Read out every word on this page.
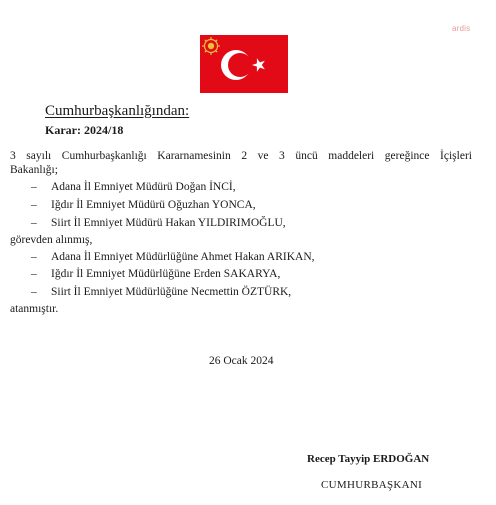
ardis
Cumhurbaşkanlığından:
Karar: 2024/18
3 sayılı Cumhurbaşkanlığı Kararnamesinin 2 ve 3 üncü maddeleri gereğince İçişleri
Bakanlığı;
– Adana İl Emniyet Müdürü Doğan İNCİ,
– Iğdır İl Emniyet Müdürü Oğuzhan YONCA,
– Siirt İl Emniyet Müdürü Hakan YILDIRIMOĞLU,
görevden alınmış,
– Adana İl Emniyet Müdürlüğüne Ahmet Hakan ARIKAN,
– Iğdır İl Emniyet Müdürlüğüne Erden SAKARYA,
– Siirt İl Emniyet Müdürlüğüne Necmettin ÖZTÜRK,
atanmıştır.
26 Ocak 2024
Recep Tayyip ERDOĞAN
CUMHURBAŞKANI
